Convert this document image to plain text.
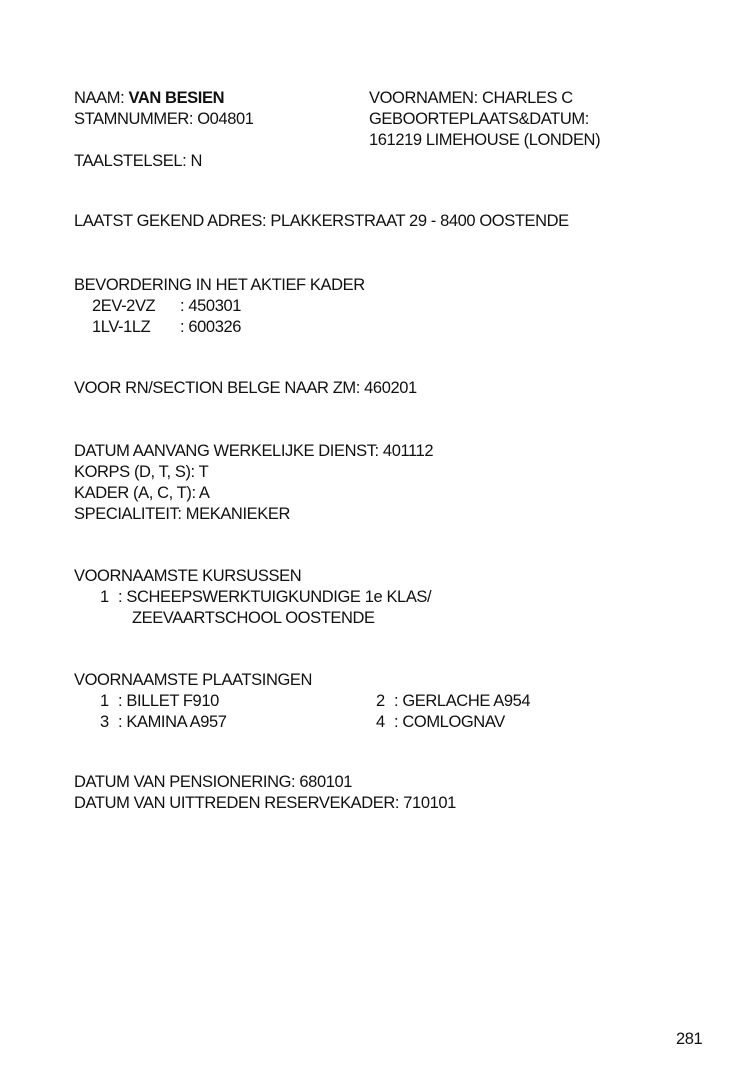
NAAM: VAN BESIEN	VOORNAMEN: CHARLES C
STAMNUMMER: O04801	GEBOORTEPLAATS&DATUM:
161219 LIMEHOUSE (LONDEN)
TAALSTELSEL: N
LAATST GEKEND ADRES: PLAKKERSTRAAT 29 - 8400 OOSTENDE
BEVORDERING IN HET AKTIEF KADER
2EV-2VZ : 450301
1LV-1LZ : 600326
VOOR RN/SECTION BELGE NAAR ZM: 460201
DATUM AANVANG WERKELIJKE DIENST: 401112
KORPS (D, T, S): T
KADER (A, C, T): A
SPECIALITEIT: MEKANIEKER
VOORNAAMSTE KURSUSSEN
1 : SCHEEPSWERKTUIGKUNDIGE 1e KLAS/
ZEEVAARTSCHOOL OOSTENDE
VOORNAAMSTE PLAATSINGEN
1 : BILLET F910	2 : GERLACHE A954
3 : KAMINA A957	4 : COMLOGNAV
DATUM VAN PENSIONERING: 680101
DATUM VAN UITTREDEN RESERVEKADER: 710101
281
